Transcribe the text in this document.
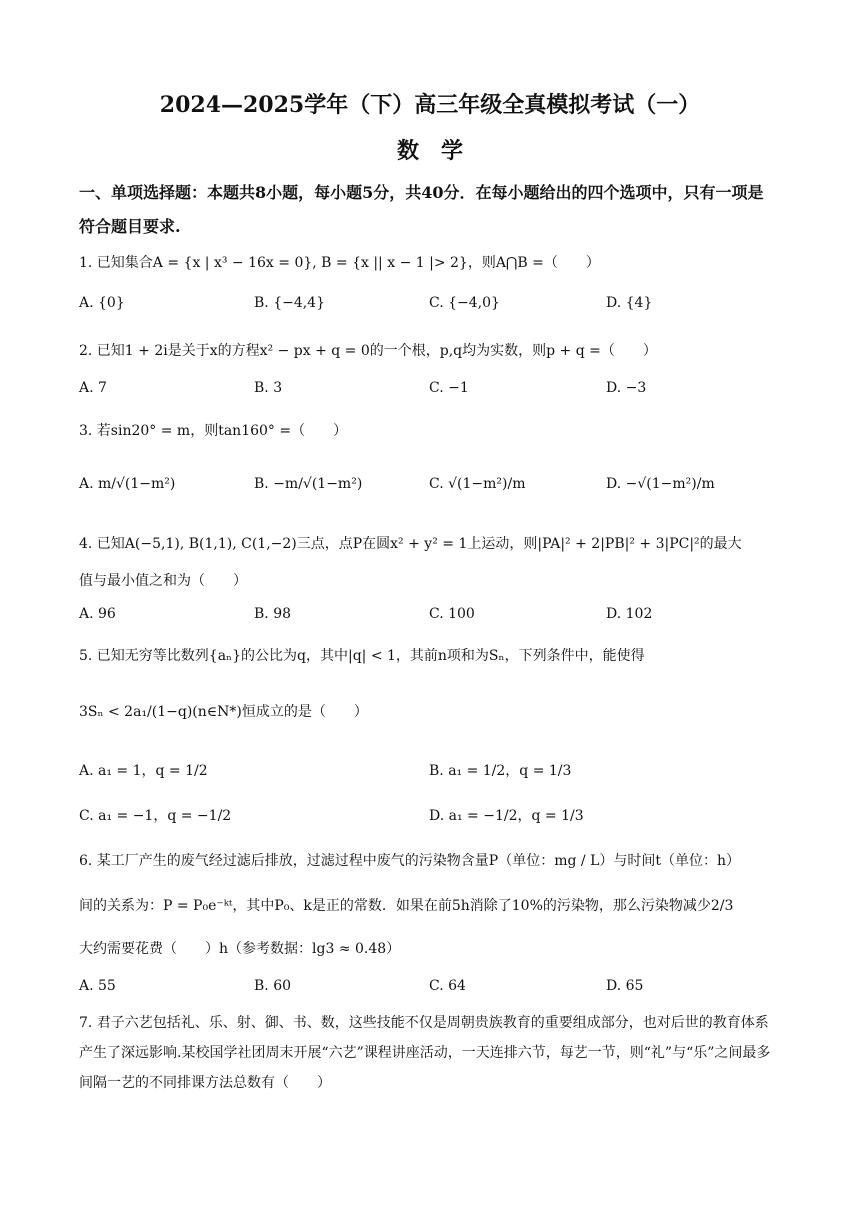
2024—2025学年（下）高三年级全真模拟考试（一）
数学
一、单项选择题：本题共8小题，每小题5分，共40分．在每小题给出的四个选项中，只有一项是符合题目要求.
1. 已知集合A = {x | x³ − 16x = 0}, B = {x || x − 1 |> 2}，则A⋂B =（　　）
A. {0}	B. {−4,4}	C. {−4,0}	D. {4}
2. 已知1 + 2i是关于x的方程x² − px + q = 0的一个根，p,q均为实数，则p + q =（　　）
A. 7	B. 3	C. −1	D. −3
3. 若sin20° = m，则tan160° =（　　）
A. m/√(1−m²)	B. −m/√(1−m²)	C. √(1−m²)/m	D. −√(1−m²)/m
4. 已知A(−5,1), B(1,1), C(1,−2)三点，点P在圆x² + y² = 1上运动，则|PA|² + 2|PB|² + 3|PC|²的最大
值与最小值之和为（　　）
A. 96	B. 98	C. 100	D. 102
5. 已知无穷等比数列{aₙ}的公比为q，其中|q| < 1，其前n项和为Sₙ，下列条件中，能使得
3Sₙ < 2a₁/(1−q)(n∈N*)恒成立的是（　　）
A. a₁ = 1，q = 1/2	B. a₁ = 1/2，q = 1/3
C. a₁ = −1，q = −1/2	D. a₁ = −1/2，q = 1/3
6. 某工厂产生的废气经过滤后排放，过滤过程中废气的污染物含量P（单位：mg / L）与时间t（单位：h）
间的关系为：P = P₀e⁻ᵏᵗ，其中P₀、k是正的常数．如果在前5h消除了10%的污染物，那么污染物减少2/3
大约需要花费（　　）h（参考数据：lg3 ≈ 0.48）
A. 55	B. 60	C. 64	D. 65
7. 君子六艺包括礼、乐、射、御、书、数，这些技能不仅是周朝贵族教育的重要组成部分，也对后世的教育体系产生了深远影响.某校国学社团周末开展“六艺”课程讲座活动，一天连排六节，每艺一节，则“礼”与“乐”之间最多间隔一艺的不同排课方法总数有（　　）
